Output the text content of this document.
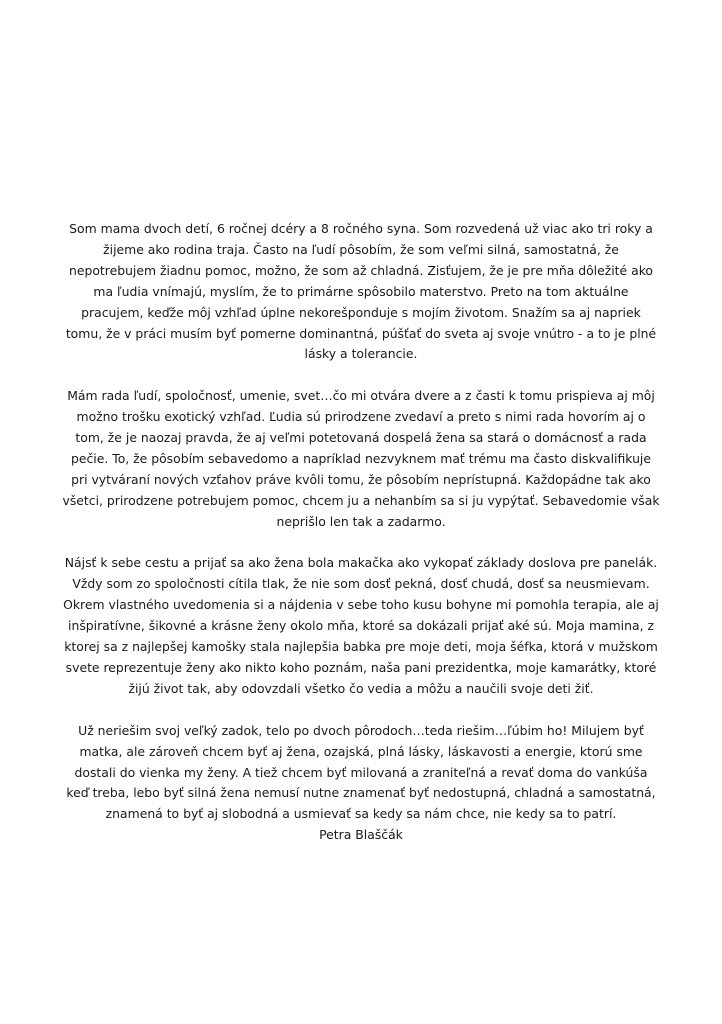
Som mama dvoch detí, 6 ročnej dcéry a 8 ročného syna. Som rozvedená už viac ako tri roky a žijeme ako rodina traja. Často na ľudí pôsobím, že som veľmi silná, samostatná, že nepotrebujem žiadnu pomoc, možno, že som až chladná. Zisťujem, že je pre mňa dôležité ako ma ľudia vnímajú, myslím, že to primárne spôsobilo materstvo. Preto na tom aktuálne pracujem, keďže môj vzhľad úplne nekorešponduje s mojím životom. Snažím sa aj napriek tomu, že v práci musím byť pomerne dominantná, púšťať do sveta aj svoje vnútro - a to je plné lásky a tolerancie.

Mám rada ľudí, spoločnosť, umenie, svet…čo mi otvára dvere a z časti k tomu prispieva aj môj možno trošku exotický vzhľad. Ľudia sú prirodzene zvedaví a preto s nimi rada hovorím aj o tom, že je naozaj pravda, že aj veľmi potetovaná dospelá žena sa stará o domácnosť a rada pečie. To, že pôsobím sebavedomo a napríklad nezvyknem mať trému ma často diskvalifikuje pri vytváraní nových vzťahov práve kvôli tomu, že pôsobím neprístupná. Každopádne tak ako všetci, prirodzene potrebujem pomoc, chcem ju a nehanbím sa si ju vypýtať. Sebavedomie však neprišlo len tak a zadarmo.

Nájsť k sebe cestu a prijať sa ako žena bola makačka ako vykopať základy doslova pre panelák. Vždy som zo spoločnosti cítila tlak, že nie som dosť pekná, dosť chudá, dosť sa neusmievam. Okrem vlastného uvedomenia si a nájdenia v sebe toho kusu bohyne mi pomohla terapia, ale aj inšpiratívne, šikovné a krásne ženy okolo mňa, ktoré sa dokázali prijať aké sú. Moja mamina, z ktorej sa z najlepšej kamošky stala najlepšia babka pre moje deti, moja šéfka, ktorá v mužskom svete reprezentuje ženy ako nikto koho poznám, naša pani prezidentka, moje kamarátky, ktoré žijú život tak, aby odovzdali všetko čo vedia a môžu a naučili svoje deti žiť.

Už neriešim svoj veľký zadok, telo po dvoch pôrodoch…teda riešim…ľúbim ho! Milujem byť matka, ale zároveň chcem byť aj žena, ozajská, plná lásky, láskavosti a energie, ktorú sme dostali do vienka my ženy. A tiež chcem byť milovaná a zraniteľná a revať doma do vankúša keď treba, lebo byť silná žena nemusí nutne znamenať byť nedostupná, chladná a samostatná, znamená to byť aj slobodná a usmievať sa kedy sa nám chce, nie kedy sa to patrí.
Petra Blaščák
